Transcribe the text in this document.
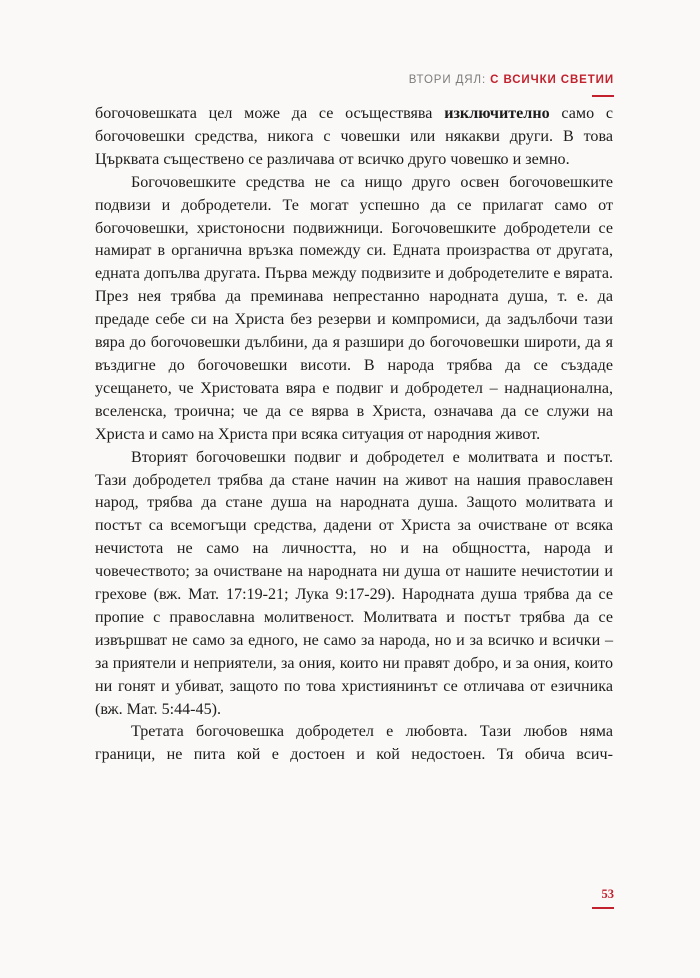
ВТОРИ ДЯЛ: С ВСИЧКИ СВЕТИИ

богочовешката цел може да се осъществява изключително само с богочовешки средства, никога с човешки или някакви други. В това Църквата съществено се различава от всичко друго човешко и земно.

Богочовешките средства не са нищо друго освен богочовешките подвизи и добродетели. Те могат успешно да се прилагат само от богочовешки, христоносни подвижници. Богочовешките добродетели се намират в органична връзка помежду си. Едната произраства от другата, едната допълва другата. Първа между подвизите и добродетелите е вярата. През нея трябва да преминава непрестанно народната душа, т. е. да предаде себе си на Христа без резерви и компромиси, да задълбочи тази вяра до богочовешки дълбини, да я разшири до богочовешки широти, да я въздигне до богочовешки висоти. В народа трябва да се създаде усещането, че Христовата вяра е подвиг и добродетел – наднационална, вселенска, троична; че да се вярва в Христа, означава да се служи на Христа и само на Христа при всяка ситуация от народния живот.

Вторият богочовешки подвиг и добродетел е молитвата и постът. Тази добродетел трябва да стане начин на живот на нашия православен народ, трябва да стане душа на народната душа. Защото молитвата и постът са всемогъщи средства, дадени от Христа за очистване от всяка нечистота не само на личността, но и на общността, народа и човечеството; за очистване на народната ни душа от нашите нечистотии и грехове (вж. Мат. 17:19-21; Лука 9:17-29). Народната душа трябва да се пропие с православна молитвеност. Молитвата и постът трябва да се извършват не само за едного, не само за народа, но и за всичко и всички – за приятели и неприятели, за ония, които ни правят добро, и за ония, които ни гонят и убиват, защото по това християнинът се отличава от езичника (вж. Мат. 5:44-45).

Третата богочовешка добродетел е любовта. Тази любов няма граници, не пита кой е достоен и кой недостоен. Тя обича всич-

53
